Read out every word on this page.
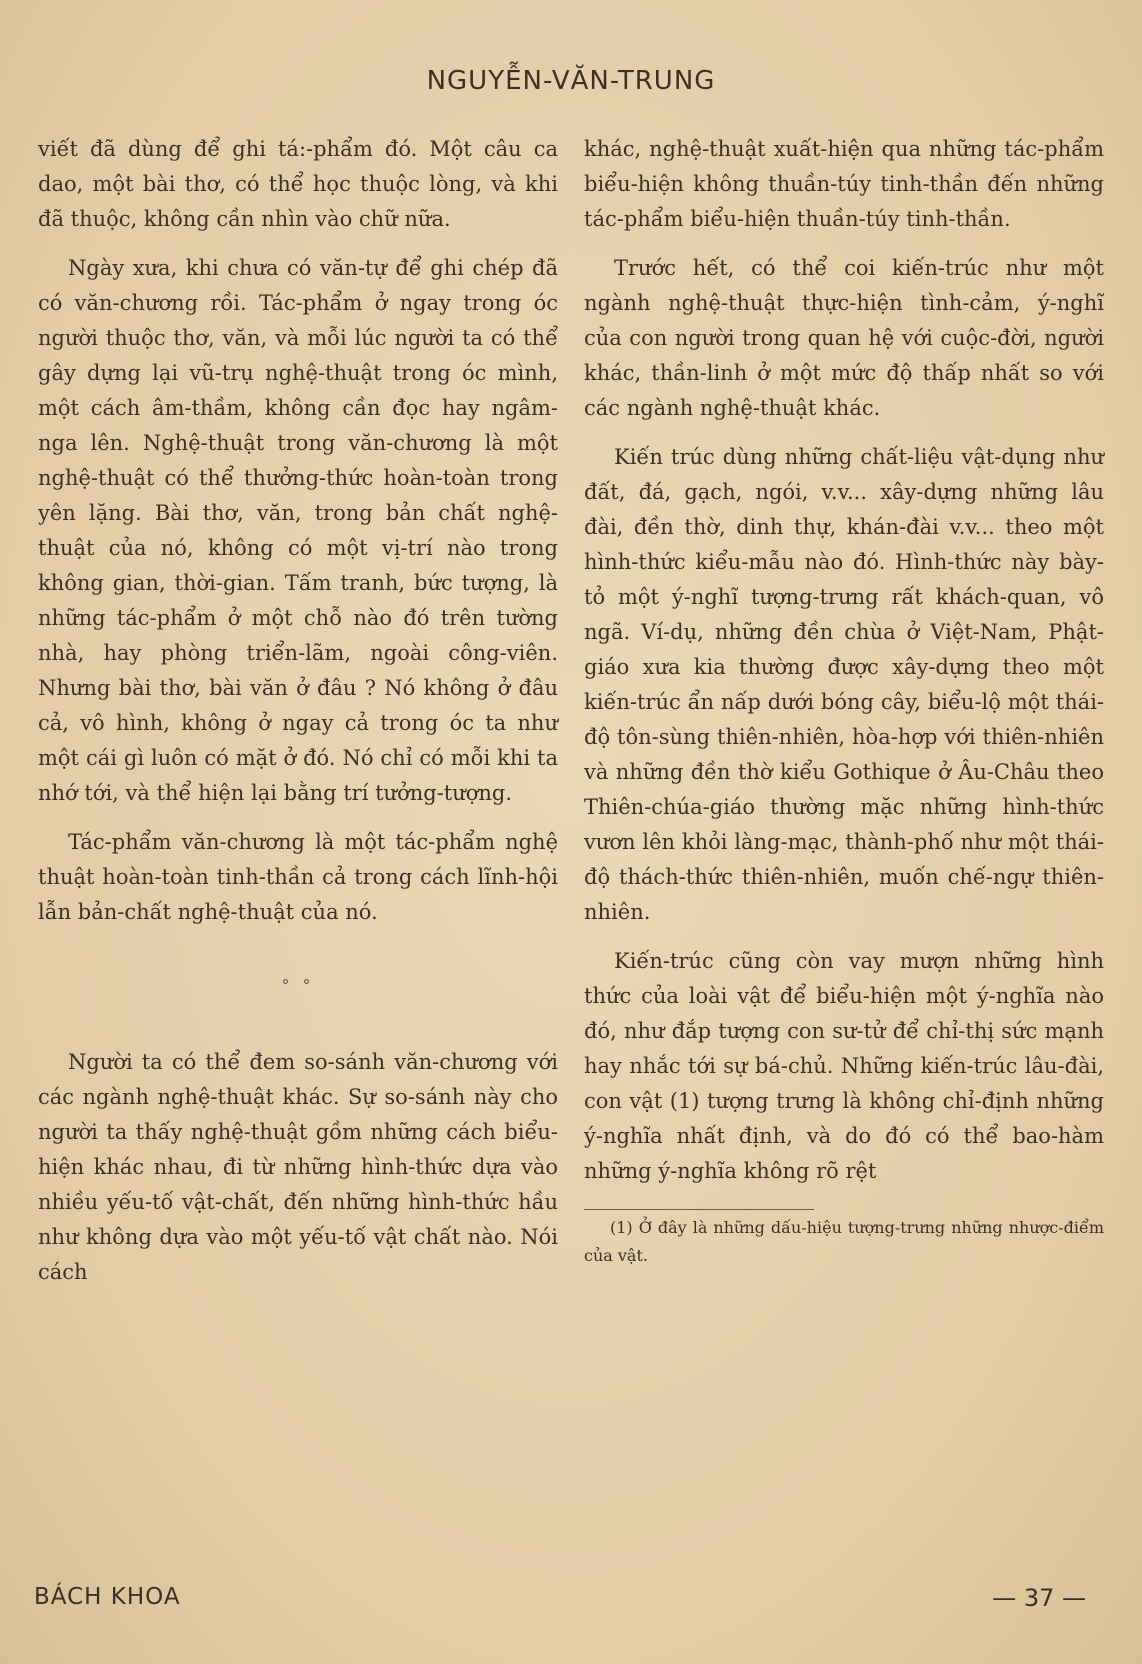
NGUYỄN-VĂN-TRUNG

viết đã dùng để ghi tá:-phẩm đó. Một câu ca dao, một bài thơ, có thể học thuộc lòng, và khi đã thuộc, không cần nhìn vào chữ nữa.

Ngày xưa, khi chưa có văn-tự để ghi chép đã có văn-chương rồi. Tác-phẩm ở ngay trong óc người thuộc thơ, văn, và mỗi lúc người ta có thể gây dựng lại vũ-trụ nghệ-thuật trong óc mình, một cách âm-thầm, không cần đọc hay ngâm-nga lên. Nghệ-thuật trong văn-chương là một nghệ-thuật có thể thưởng-thức hoàn-toàn trong yên lặng. Bài thơ, văn, trong bản chất nghệ-thuật của nó, không có một vị-trí nào trong không gian, thời-gian. Tấm tranh, bức tượng, là những tác-phẩm ở một chỗ nào đó trên tường nhà, hay phòng triển-lãm, ngoài công-viên. Nhưng bài thơ, bài văn ở đâu ? Nó không ở đâu cả, vô hình, không ở ngay cả trong óc ta như một cái gì luôn có mặt ở đó. Nó chỉ có mỗi khi ta nhớ tới, và thể hiện lại bằng trí tưởng-tượng.

Tác-phẩm văn-chương là một tác-phẩm nghệ thuật hoàn-toàn tinh-thần cả trong cách lĩnh-hội lẫn bản-chất nghệ-thuật của nó.

° °

Người ta có thể đem so-sánh văn-chương với các ngành nghệ-thuật khác. Sự so-sánh này cho người ta thấy nghệ-thuật gồm những cách biểu-hiện khác nhau, đi từ những hình-thức dựa vào nhiều yếu-tố vật-chất, đến những hình-thức hầu như không dựa vào một yếu-tố vật chất nào. Nói cách

khác, nghệ-thuật xuất-hiện qua những tác-phẩm biểu-hiện không thuần-túy tinh-thần đến những tác-phẩm biểu-hiện thuần-túy tinh-thần.

Trước hết, có thể coi kiến-trúc như một ngành nghệ-thuật thực-hiện tình-cảm, ý-nghĩ của con người trong quan hệ với cuộc-đời, người khác, thần-linh ở một mức độ thấp nhất so với các ngành nghệ-thuật khác.

Kiến trúc dùng những chất-liệu vật-dụng như đất, đá, gạch, ngói, v.v... xây-dựng những lâu đài, đền thờ, dinh thự, khán-đài v.v... theo một hình-thức kiểu-mẫu nào đó. Hình-thức này bày-tỏ một ý-nghĩ tượng-trưng rất khách-quan, vô ngã. Ví-dụ, những đền chùa ở Việt-Nam, Phật-giáo xưa kia thường được xây-dựng theo một kiến-trúc ẩn nấp dưới bóng cây, biểu-lộ một thái-độ tôn-sùng thiên-nhiên, hòa-hợp với thiên-nhiên và những đền thờ kiểu Gothique ở Âu-Châu theo Thiên-chúa-giáo thường mặc những hình-thức vươn lên khỏi làng-mạc, thành-phố như một thái-độ thách-thức thiên-nhiên, muốn chế-ngự thiên-nhiên.

Kiến-trúc cũng còn vay mượn những hình thức của loài vật để biểu-hiện một ý-nghĩa nào đó, như đắp tượng con sư-tử để chỉ-thị sức mạnh hay nhắc tới sự bá-chủ. Những kiến-trúc lâu-đài, con vật (1) tượng trưng là không chỉ-định những ý-nghĩa nhất định, và do đó có thể bao-hàm những ý-nghĩa không rõ rệt

(1) Ở đây là những dấu-hiệu tượng-trưng những nhược-điểm của vật.
BÁCH KHOA	— 37 —
